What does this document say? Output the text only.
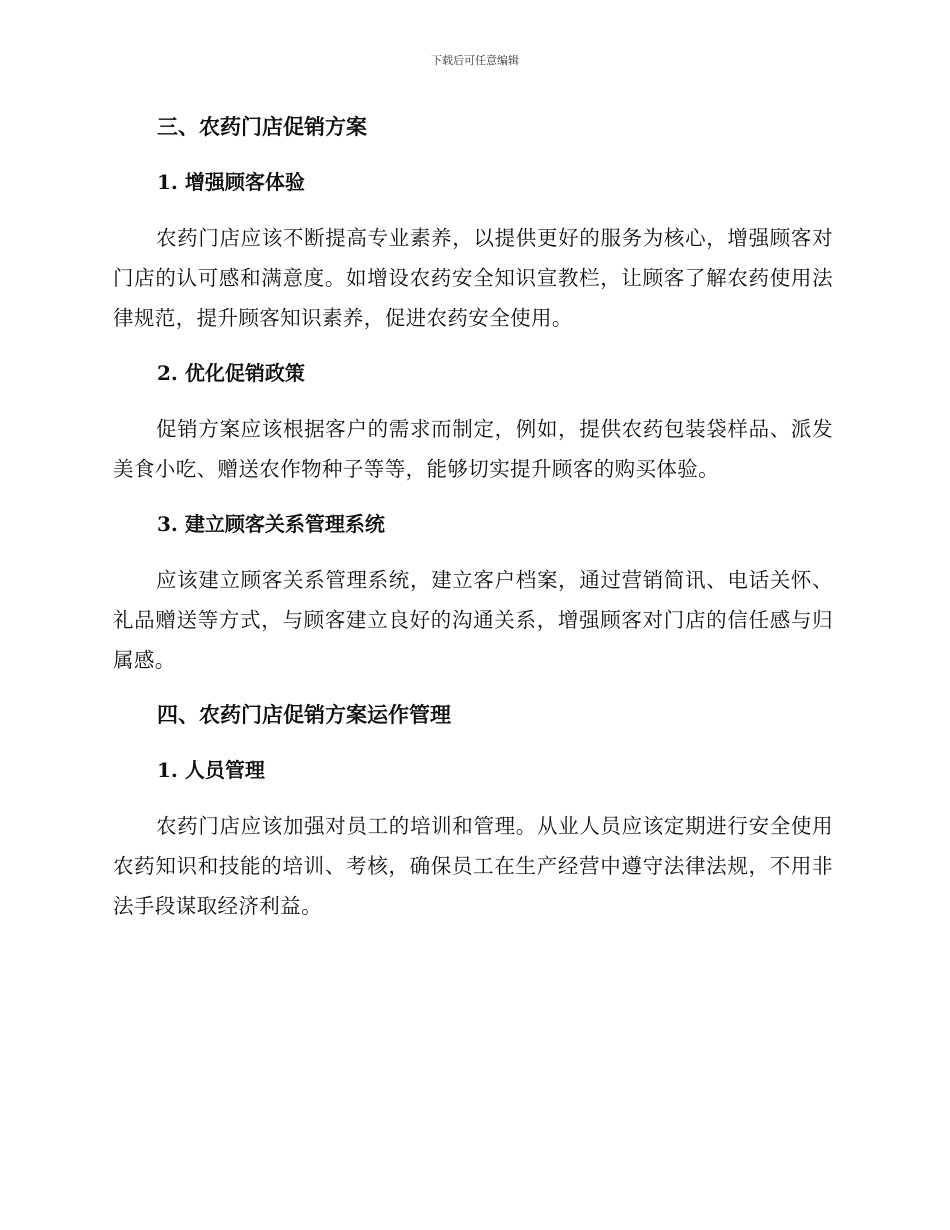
下载后可任意编辑
三、农药门店促销方案
1. 增强顾客体验

农药门店应该不断提高专业素养，以提供更好的服务为核心，增强顾客对门店的认可感和满意度。如增设农药安全知识宣教栏，让顾客了解农药使用法律规范，提升顾客知识素养，促进农药安全使用。

2. 优化促销政策

促销方案应该根据客户的需求而制定，例如，提供农药包装袋样品、派发美食小吃、赠送农作物种子等等，能够切实提升顾客的购买体验。

3. 建立顾客关系管理系统

应该建立顾客关系管理系统，建立客户档案，通过营销简讯、电话关怀、礼品赠送等方式，与顾客建立良好的沟通关系，增强顾客对门店的信任感与归属感。

四、农药门店促销方案运作管理
1. 人员管理

农药门店应该加强对员工的培训和管理。从业人员应该定期进行安全使用农药知识和技能的培训、考核，确保员工在生产经营中遵守法律法规，不用非法手段谋取经济利益。
